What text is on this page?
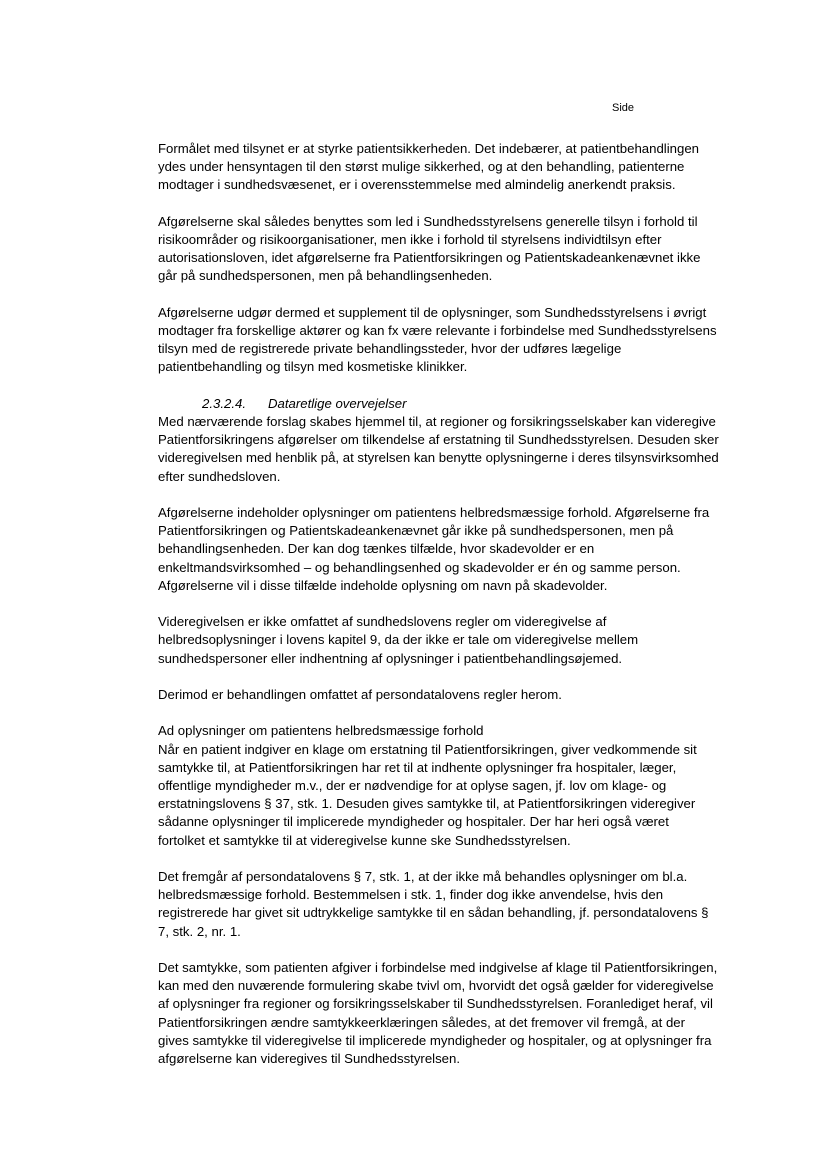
Side
Formålet med tilsynet er at styrke patientsikkerheden. Det indebærer, at patientbehandlingen
ydes under hensyntagen til den størst mulige sikkerhed, og at den behandling, patienterne
modtager i sundhedsvæsenet, er i overensstemmelse med almindelig anerkendt praksis.
Afgørelserne skal således benyttes som led i Sundhedsstyrelsens generelle tilsyn i forhold til
risikoområder og risikoorganisationer, men ikke i forhold til styrelsens individtilsyn efter
autorisationsloven, idet afgørelserne fra Patientforsikringen og Patientskadeankenævnet ikke
går på sundhedspersonen, men på behandlingsenheden.
Afgørelserne udgør dermed et supplement til de oplysninger, som Sundhedsstyrelsens i øvrigt
modtager fra forskellige aktører og kan fx være relevante i forbindelse med Sundhedsstyrelsens
tilsyn med de registrerede private behandlingssteder, hvor der udføres lægelige
patientbehandling og tilsyn med kosmetiske klinikker.
2.3.2.4. Dataretlige overvejelser
Med nærværende forslag skabes hjemmel til, at regioner og forsikringsselskaber kan videregive
Patientforsikringens afgørelser om tilkendelse af erstatning til Sundhedsstyrelsen. Desuden sker
videregivelsen med henblik på, at styrelsen kan benytte oplysningerne i deres tilsynsvirksomhed
efter sundhedsloven.
Afgørelserne indeholder oplysninger om patientens helbredsmæssige forhold. Afgørelserne fra
Patientforsikringen og Patientskadeankenævnet går ikke på sundhedspersonen, men på
behandlingsenheden. Der kan dog tænkes tilfælde, hvor skadevolder er en
enkeltmandsvirksomhed – og behandlingsenhed og skadevolder er én og samme person.
Afgørelserne vil i disse tilfælde indeholde oplysning om navn på skadevolder.
Videregivelsen er ikke omfattet af sundhedslovens regler om videregivelse af
helbredsoplysninger i lovens kapitel 9, da der ikke er tale om videregivelse mellem
sundhedspersoner eller indhentning af oplysninger i patientbehandlingsøjemed.
Derimod er behandlingen omfattet af persondatalovens regler herom.
Ad oplysninger om patientens helbredsmæssige forhold
Når en patient indgiver en klage om erstatning til Patientforsikringen, giver vedkommende sit
samtykke til, at Patientforsikringen har ret til at indhente oplysninger fra hospitaler, læger,
offentlige myndigheder m.v., der er nødvendige for at oplyse sagen, jf. lov om klage- og
erstatningslovens § 37, stk. 1. Desuden gives samtykke til, at Patientforsikringen videregiver
sådanne oplysninger til implicerede myndigheder og hospitaler. Der har heri også været
fortolket et samtykke til at videregivelse kunne ske Sundhedsstyrelsen.
Det fremgår af persondatalovens § 7, stk. 1, at der ikke må behandles oplysninger om bl.a.
helbredsmæssige forhold. Bestemmelsen i stk. 1, finder dog ikke anvendelse, hvis den
registrerede har givet sit udtrykkelige samtykke til en sådan behandling, jf. persondatalovens §
7, stk. 2, nr. 1.
Det samtykke, som patienten afgiver i forbindelse med indgivelse af klage til Patientforsikringen,
kan med den nuværende formulering skabe tvivl om, hvorvidt det også gælder for videregivelse
af oplysninger fra regioner og forsikringsselskaber til Sundhedsstyrelsen. Foranlediget heraf, vil
Patientforsikringen ændre samtykkeerklæringen således, at det fremover vil fremgå, at der
gives samtykke til videregivelse til implicerede myndigheder og hospitaler, og at oplysninger fra
afgørelserne kan videregives til Sundhedsstyrelsen.
